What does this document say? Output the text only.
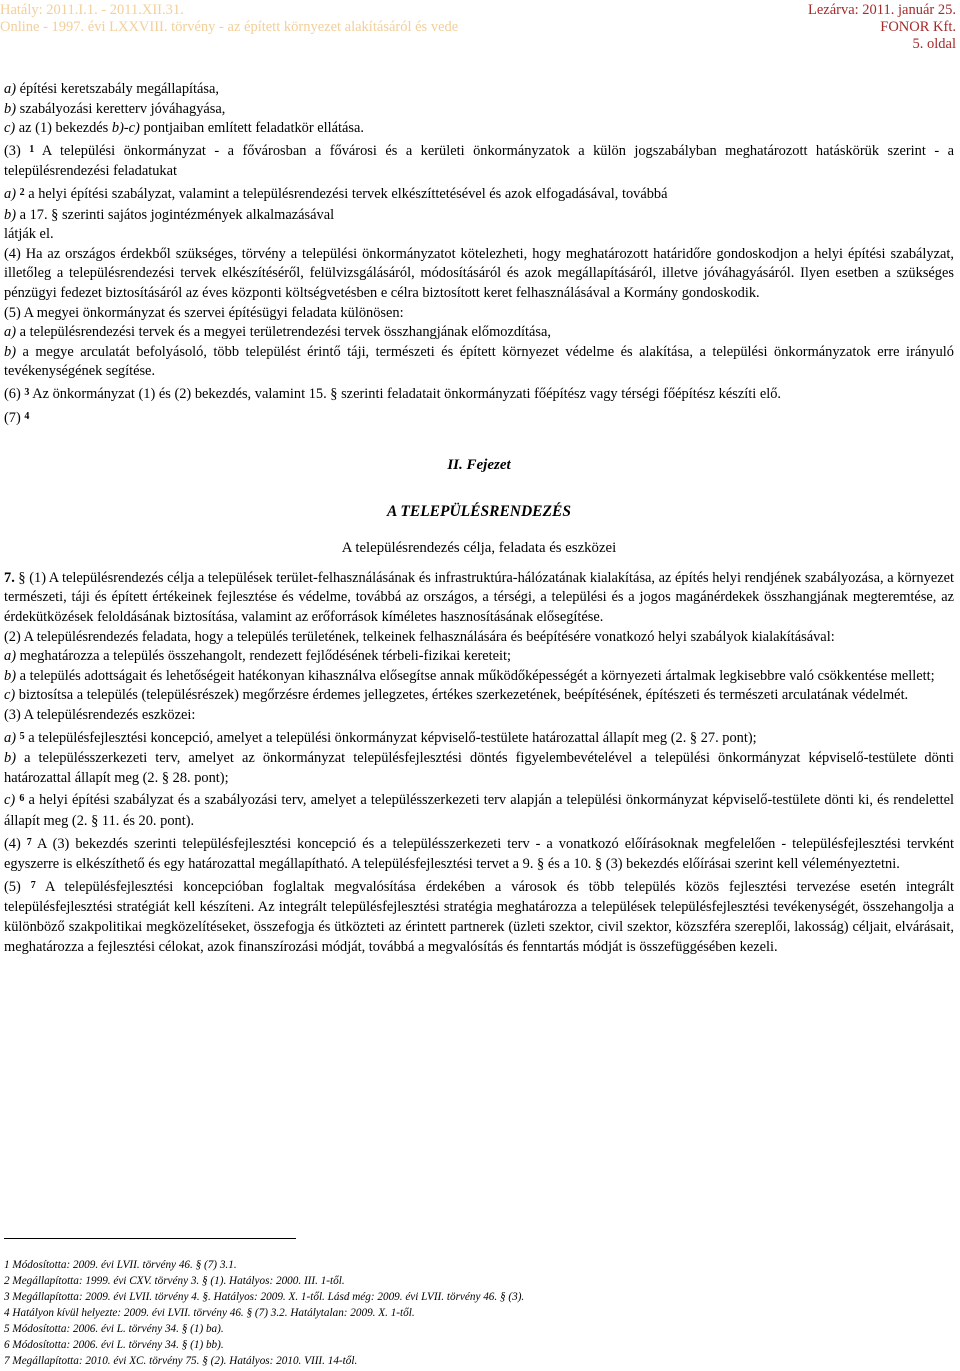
Hatály: 2011.I.1. - 2011.XII.31.
Online - 1997. évi LXXVIII. törvény - az épített környezet alakításáról és vede
Lezárva: 2011. január 25.
FONOR Kft.
5. oldal

a) építési keretszabály megállapítása,

b) szabályozási keretterv jóváhagyása,

c) az (1) bekezdés b)-c) pontjaiban említett feladatkör ellátása.

(3) $^1$ A települési önkormányzat - a fővárosban a fővárosi és a kerületi önkormányzatok a külön jogszabályban meghatározott hatáskörük szerint - a településrendezési feladatukat

a) $^2$ a helyi építési szabályzat, valamint a településrendezési tervek elkészíttetésével és azok elfogadásával, továbbá

b) a 17. § szerinti sajátos jogintézmények alkalmazásával

látják el.

(4) Ha az országos érdekből szükséges, törvény a települési önkormányzatot kötelezheti, hogy meghatározott határidőre gondoskodjon a helyi építési szabályzat, illetőleg a településrendezési tervek elkészítéséről, felülvizsgálásáról, módosításáról és azok megállapításáról, illetve jóváhagyásáról. Ilyen esetben a szükséges pénzügyi fedezet biztosításáról az éves központi költségvetésben e célra biztosított keret felhasználásával a Kormány gondoskodik.

(5) A megyei önkormányzat és szervei építésügyi feladata különösen:

a) a településrendezési tervek és a megyei területrendezési tervek összhangjának előmozdítása,

b) a megye arculatát befolyásoló, több települést érintő táji, természeti és épített környezet védelme és alakítása, a települési önkormányzatok erre irányuló tevékenységének segítése.

(6) $^3$ Az önkormányzat (1) és (2) bekezdés, valamint 15. § szerinti feladatait önkormányzati főépítész vagy térségi főépítész készíti elő.

(7) $^4$

II. Fejezet

A TELEPÜLÉSRENDEZÉS

A településrendezés célja, feladata és eszközei

7. § (1) A településrendezés célja a települések terület-felhasználásának és infrastruktúra-hálózatának kialakítása, az építés helyi rendjének szabályozása, a környezet természeti, táji és épített értékeinek fejlesztése és védelme, továbbá az országos, a térségi, a települési és a jogos magánérdekek összhangjának megteremtése, az érdekütközések feloldásának biztosítása, valamint az erőforrások kíméletes hasznosításának elősegítése.

(2) A településrendezés feladata, hogy a település területének, telkeinek felhasználására és beépítésére vonatkozó helyi szabályok kialakításával:

a) meghatározza a település összehangolt, rendezett fejlődésének térbeli-fizikai kereteit;

b) a település adottságait és lehetőségeit hatékonyan kihasználva elősegítse annak működőképességét a környezeti ártalmak legkisebbre való csökkentése mellett;

c) biztosítsa a település (településrészek) megőrzésre érdemes jellegzetes, értékes szerkezetének, beépítésének, építészeti és természeti arculatának védelmét.

(3) A településrendezés eszközei:

a) $^5$ a településfejlesztési koncepció, amelyet a települési önkormányzat képviselő-testülete határozattal állapít meg (2. § 27. pont);

b) a településszerkezeti terv, amelyet az önkormányzat településfejlesztési döntés figyelembevételével a települési önkormányzat képviselő-testülete dönti határozattal állapít meg (2. § 28. pont);

c) $^6$ a helyi építési szabályzat és a szabályozási terv, amelyet a településszerkezeti terv alapján a települési önkormányzat képviselő-testülete dönti ki, és rendelettel állapít meg (2. § 11. és 20. pont).

(4) $^7$ A (3) bekezdés szerinti településfejlesztési koncepció és a településszerkezeti terv - a vonatkozó előírásoknak megfelelően - településfejlesztési tervként egyszerre is elkészíthető és egy határozattal megállapítható. A településfejlesztési tervet a 9. § és a 10. § (3) bekezdés előírásai szerint kell véleményeztetni.

(5) $^7$ A településfejlesztési koncepcióban foglaltak megvalósítása érdekében a városok és több település közös fejlesztési tervezése esetén integrált településfejlesztési stratégiát kell készíteni. Az integrált településfejlesztési stratégia meghatározza a települések településfejlesztési tevékenységét, összehangolja a különböző szakpolitikai megközelítéseket, összefogja és ütközteti az érintett partnerek (üzleti szektor, civil szektor, közszféra szereplői, lakosság) céljait, elvárásait, meghatározza a fejlesztési célokat, azok finanszírozási módját, továbbá a megvalósítás és fenntartás módját is összefüggésében kezeli.

1 Módosította: 2009. évi LVII. törvény 46. § (7) 3.1.
2 Megállapította: 1999. évi CXV. törvény 3. § (1). Hatályos: 2000. III. 1-től.
3 Megállapította: 2009. évi LVII. törvény 4. §. Hatályos: 2009. X. 1-től. Lásd még: 2009. évi LVII. törvény 46. § (3).
4 Hatályon kívül helyezte: 2009. évi LVII. törvény 46. § (7) 3.2. Hatálytalan: 2009. X. 1-től.
5 Módosította: 2006. évi L. törvény 34. § (1) ba).
6 Módosította: 2006. évi L. törvény 34. § (1) bb).
7 Megállapította: 2010. évi XC. törvény 75. § (2). Hatályos: 2010. VIII. 14-től.
